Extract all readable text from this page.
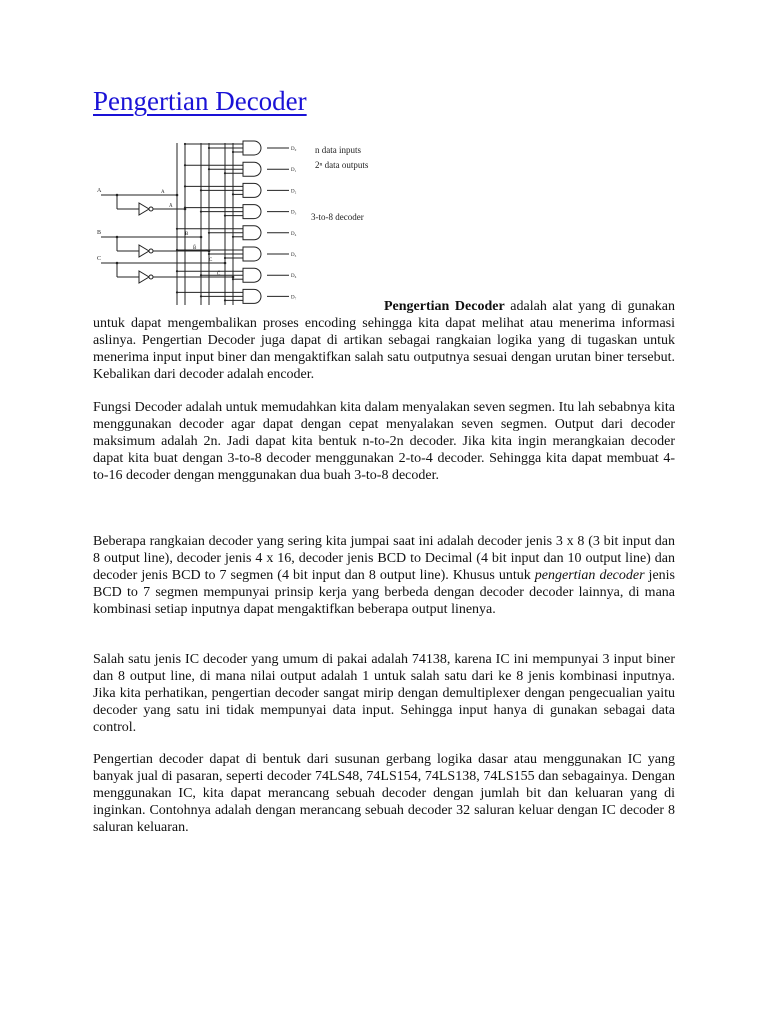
Pengertian Decoder
A	A
Ā
B	B
B̄
C	C
C̄
D₀
D₁
D₂
D₃
D₄
D₅
D₆
D₇
n data inputs
2ⁿ data outputs
3-to-8 decoder

Pengertian Decoder adalah alat yang di gunakan untuk dapat mengembalikan proses encoding sehingga kita dapat melihat atau menerima informasi aslinya. Pengertian Decoder juga dapat di artikan sebagai rangkaian logika yang di tugaskan untuk menerima input input biner dan mengaktifkan salah satu outputnya sesuai dengan urutan biner tersebut. Kebalikan dari decoder adalah encoder.

Fungsi Decoder adalah untuk memudahkan kita dalam menyalakan seven segmen. Itu lah sebabnya kita menggunakan decoder agar dapat dengan cepat menyalakan seven segmen. Output dari decoder maksimum adalah 2n. Jadi dapat kita bentuk n-to-2n decoder. Jika kita ingin merangkaian decoder dapat kita buat dengan 3-to-8 decoder menggunakan 2-to-4 decoder. Sehingga kita dapat membuat 4-to-16 decoder dengan menggunakan dua buah 3-to-8 decoder.

Beberapa rangkaian decoder yang sering kita jumpai saat ini adalah decoder jenis 3 x 8 (3 bit input dan 8 output line), decoder jenis 4 x 16, decoder jenis BCD to Decimal (4 bit input dan 10 output line) dan decoder jenis BCD to 7 segmen (4 bit input dan 8 output line). Khusus untuk pengertian decoder jenis BCD to 7 segmen mempunyai prinsip kerja yang berbeda dengan decoder decoder lainnya, di mana kombinasi setiap inputnya dapat mengaktifkan beberapa output linenya.

Salah satu jenis IC decoder yang umum di pakai adalah 74138, karena IC ini mempunyai 3 input biner dan 8 output line, di mana nilai output adalah 1 untuk salah satu dari ke 8 jenis kombinasi inputnya. Jika kita perhatikan, pengertian decoder sangat mirip dengan demultiplexer dengan pengecualian yaitu decoder yang satu ini tidak mempunyai data input. Sehingga input hanya di gunakan sebagai data control.

Pengertian decoder dapat di bentuk dari susunan gerbang logika dasar atau menggunakan IC yang banyak jual di pasaran, seperti decoder 74LS48, 74LS154, 74LS138, 74LS155 dan sebagainya. Dengan menggunakan IC, kita dapat merancang sebuah decoder dengan jumlah bit dan keluaran yang di inginkan. Contohnya adalah dengan merancang sebuah decoder 32 saluran keluar dengan IC decoder 8 saluran keluaran.
